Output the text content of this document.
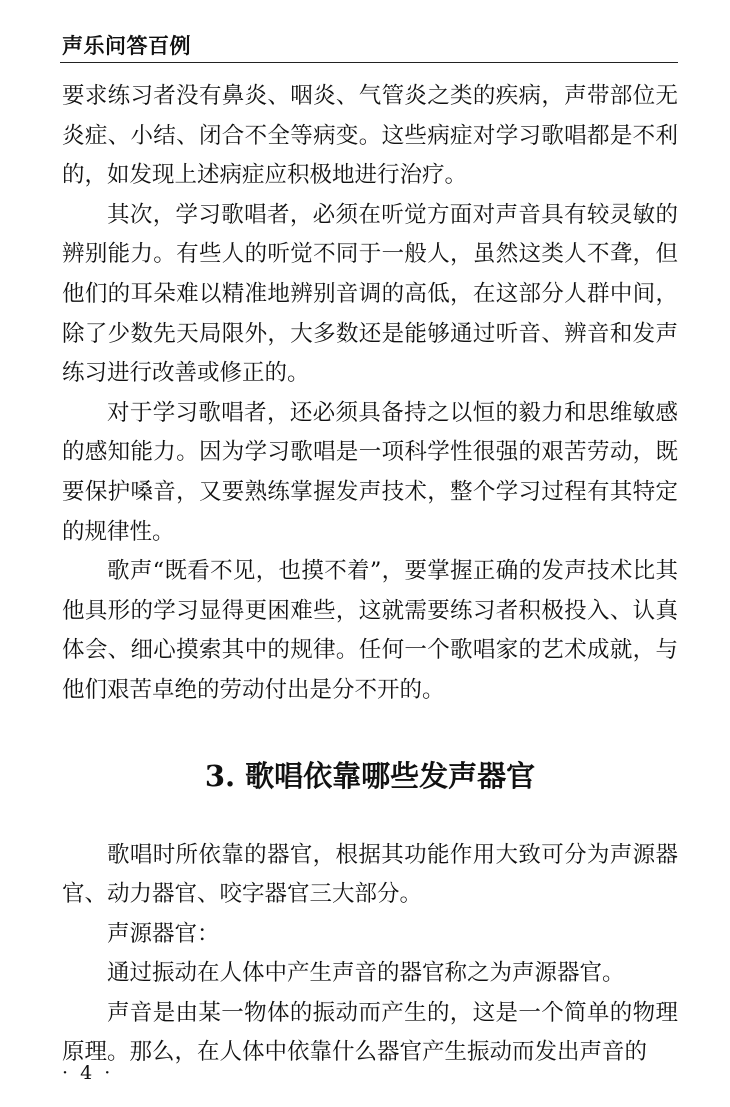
声乐问答百例

要求练习者没有鼻炎、咽炎、气管炎之类的疾病，声带部位无炎症、小结、闭合不全等病变。这些病症对学习歌唱都是不利的，如发现上述病症应积极地进行治疗。

其次，学习歌唱者，必须在听觉方面对声音具有较灵敏的辨别能力。有些人的听觉不同于一般人，虽然这类人不聋，但他们的耳朵难以精准地辨别音调的高低，在这部分人群中间，除了少数先天局限外，大多数还是能够通过听音、辨音和发声练习进行改善或修正的。

对于学习歌唱者，还必须具备持之以恒的毅力和思维敏感的感知能力。因为学习歌唱是一项科学性很强的艰苦劳动，既要保护嗓音，又要熟练掌握发声技术，整个学习过程有其特定的规律性。

歌声“既看不见，也摸不着”，要掌握正确的发声技术比其他具形的学习显得更困难些，这就需要练习者积极投入、认真体会、细心摸索其中的规律。任何一个歌唱家的艺术成就，与他们艰苦卓绝的劳动付出是分不开的。

3. 歌唱依靠哪些发声器官

歌唱时所依靠的器官，根据其功能作用大致可分为声源器官、动力器官、咬字器官三大部分。

声源器官：

通过振动在人体中产生声音的器官称之为声源器官。

声音是由某一物体的振动而产生的，这是一个简单的物理原理。那么，在人体中依靠什么器官产生振动而发出声音的

· 4 ·
